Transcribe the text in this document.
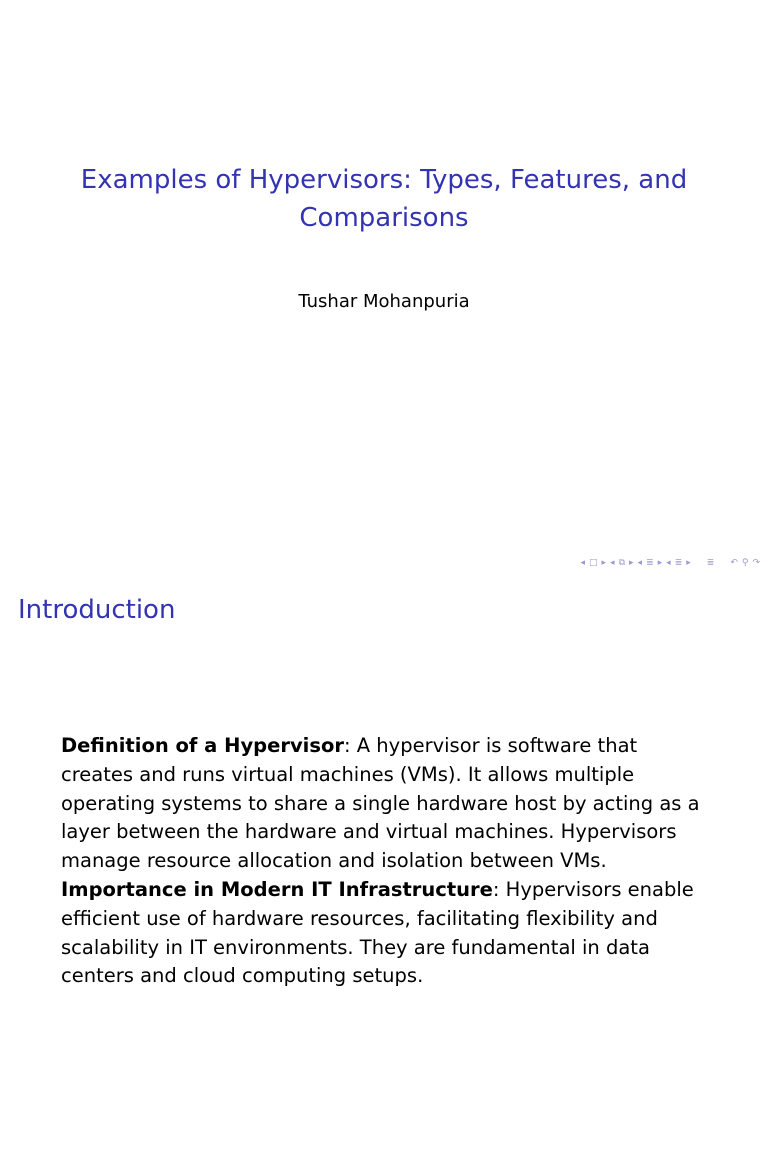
Examples of Hypervisors: Types, Features, and
Comparisons
Tushar Mohanpuria
◂ □ ▸ ◂ ⧉ ▸ ◂ ≣ ▸ ◂ ≣ ▸ ≣ ↶ ⚲ ↷
Introduction

Definition of a Hypervisor: A hypervisor is software that creates and runs virtual machines (VMs). It allows multiple operating systems to share a single hardware host by acting as a layer between the hardware and virtual machines. Hypervisors manage resource allocation and isolation between VMs.

Importance in Modern IT Infrastructure: Hypervisors enable efficient use of hardware resources, facilitating flexibility and scalability in IT environments. They are fundamental in data centers and cloud computing setups.
